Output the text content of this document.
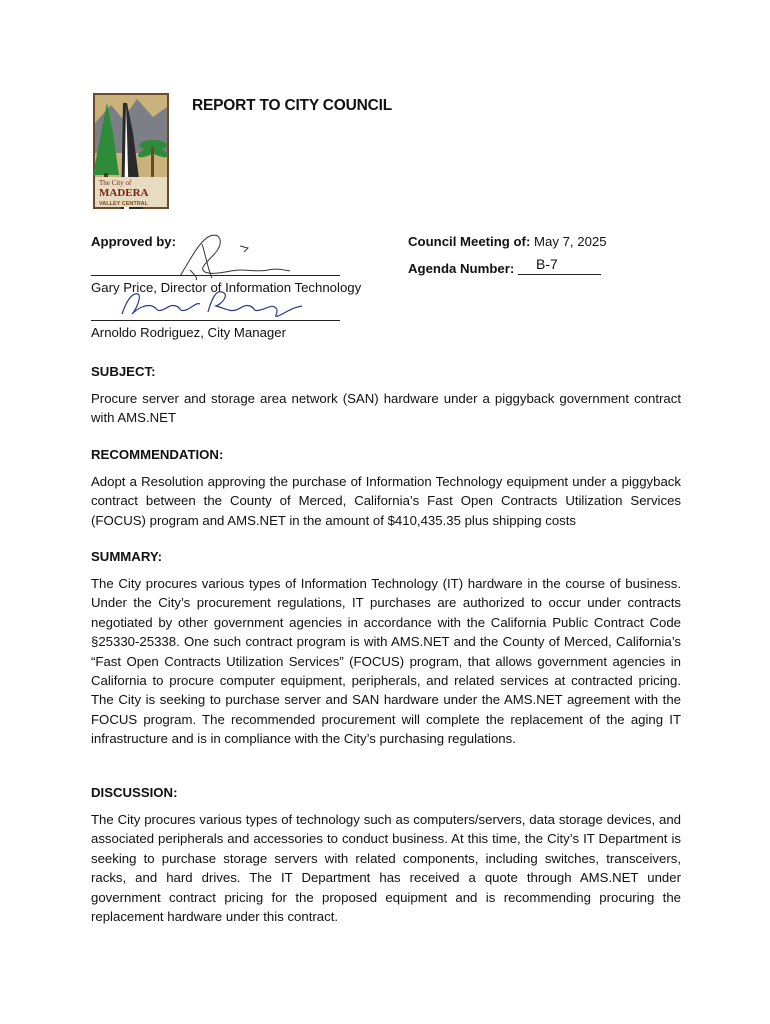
The City of
MADERA
VALLEY CENTRAL
REPORT TO CITY COUNCIL
Approved by:
Gary Price, Director of Information Technology
Arnoldo Rodriguez, City Manager
Council Meeting of: May 7, 2025
Agenda Number: B-7
SUBJECT:
Procure server and storage area network (SAN) hardware under a piggyback government contract with AMS.NET
RECOMMENDATION:
Adopt a Resolution approving the purchase of Information Technology equipment under a piggyback contract between the County of Merced, California’s Fast Open Contracts Utilization Services (FOCUS) program and AMS.NET in the amount of $410,435.35 plus shipping costs
SUMMARY:
The City procures various types of Information Technology (IT) hardware in the course of business. Under the City’s procurement regulations, IT purchases are authorized to occur under contracts negotiated by other government agencies in accordance with the California Public Contract Code §25330-25338. One such contract program is with AMS.NET and the County of Merced, California’s “Fast Open Contracts Utilization Services” (FOCUS) program, that allows government agencies in California to procure computer equipment, peripherals, and related services at contracted pricing. The City is seeking to purchase server and SAN hardware under the AMS.NET agreement with the FOCUS program. The recommended procurement will complete the replacement of the aging IT infrastructure and is in compliance with the City’s purchasing regulations.
DISCUSSION:
The City procures various types of technology such as computers/servers, data storage devices, and associated peripherals and accessories to conduct business. At this time, the City’s IT Department is seeking to purchase storage servers with related components, including switches, transceivers, racks, and hard drives. The IT Department has received a quote through AMS.NET under government contract pricing for the proposed equipment and is recommending procuring the replacement hardware under this contract.
